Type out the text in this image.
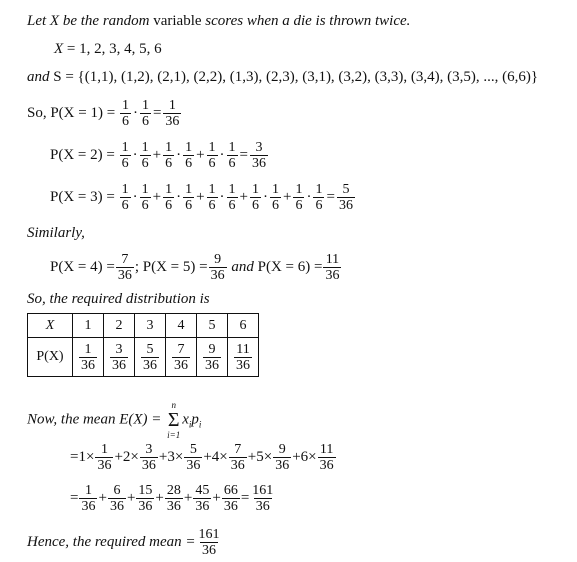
Let X be the random variable scores when a die is thrown twice.
X = 1, 2, 3, 4, 5, 6
and S = {(1,1), (1,2), (2,1), (2,2), (1,3), (2,3), (3,1), (3,2), (3,3), (3,4), (3,5), ..., (6,6)}
So, $P(X = 1) = \frac{1}{6} \cdot \frac{1}{6} = \frac{1}{36}$
$P(X = 2) = \frac{1}{6} \cdot \frac{1}{6} + \frac{1}{6} \cdot \frac{1}{6} + \frac{1}{6} \cdot \frac{1}{6} = \frac{3}{36}$
$P(X = 3) = \frac{1}{6} \cdot \frac{1}{6} + \frac{1}{6} \cdot \frac{1}{6} + \frac{1}{6} \cdot \frac{1}{6} + \frac{1}{6} \cdot \frac{1}{6} + \frac{1}{6} \cdot \frac{1}{6} = \frac{5}{36}$
Similarly,
$P(X = 4) = \frac{7}{36}$ ; $P(X = 5) = \frac{9}{36}$ and $P(X = 6) = \frac{11}{36}$
So, the required distribution is
X	1	2	3	4	5	6
P(X)	$\frac{1}{36}$	$\frac{3}{36}$	$\frac{5}{36}$	$\frac{7}{36}$	$\frac{9}{36}$	$\frac{11}{36}$
Now, the mean E(X) =
n
Σ
i=1
$x_ip_i$
$=1\times \frac{1}{36} +2\times \frac{3}{36} +3\times \frac{5}{36} +4\times \frac{7}{36} +5\times \frac{9}{36} +6\times \frac{11}{36}$
= $\frac{1}{36} + \frac{6}{36} + \frac{15}{36} + \frac{28}{36} + \frac{45}{36} + \frac{66}{36} = \frac{161}{36}$
Hence, the required mean = $\frac{161}{36}$
